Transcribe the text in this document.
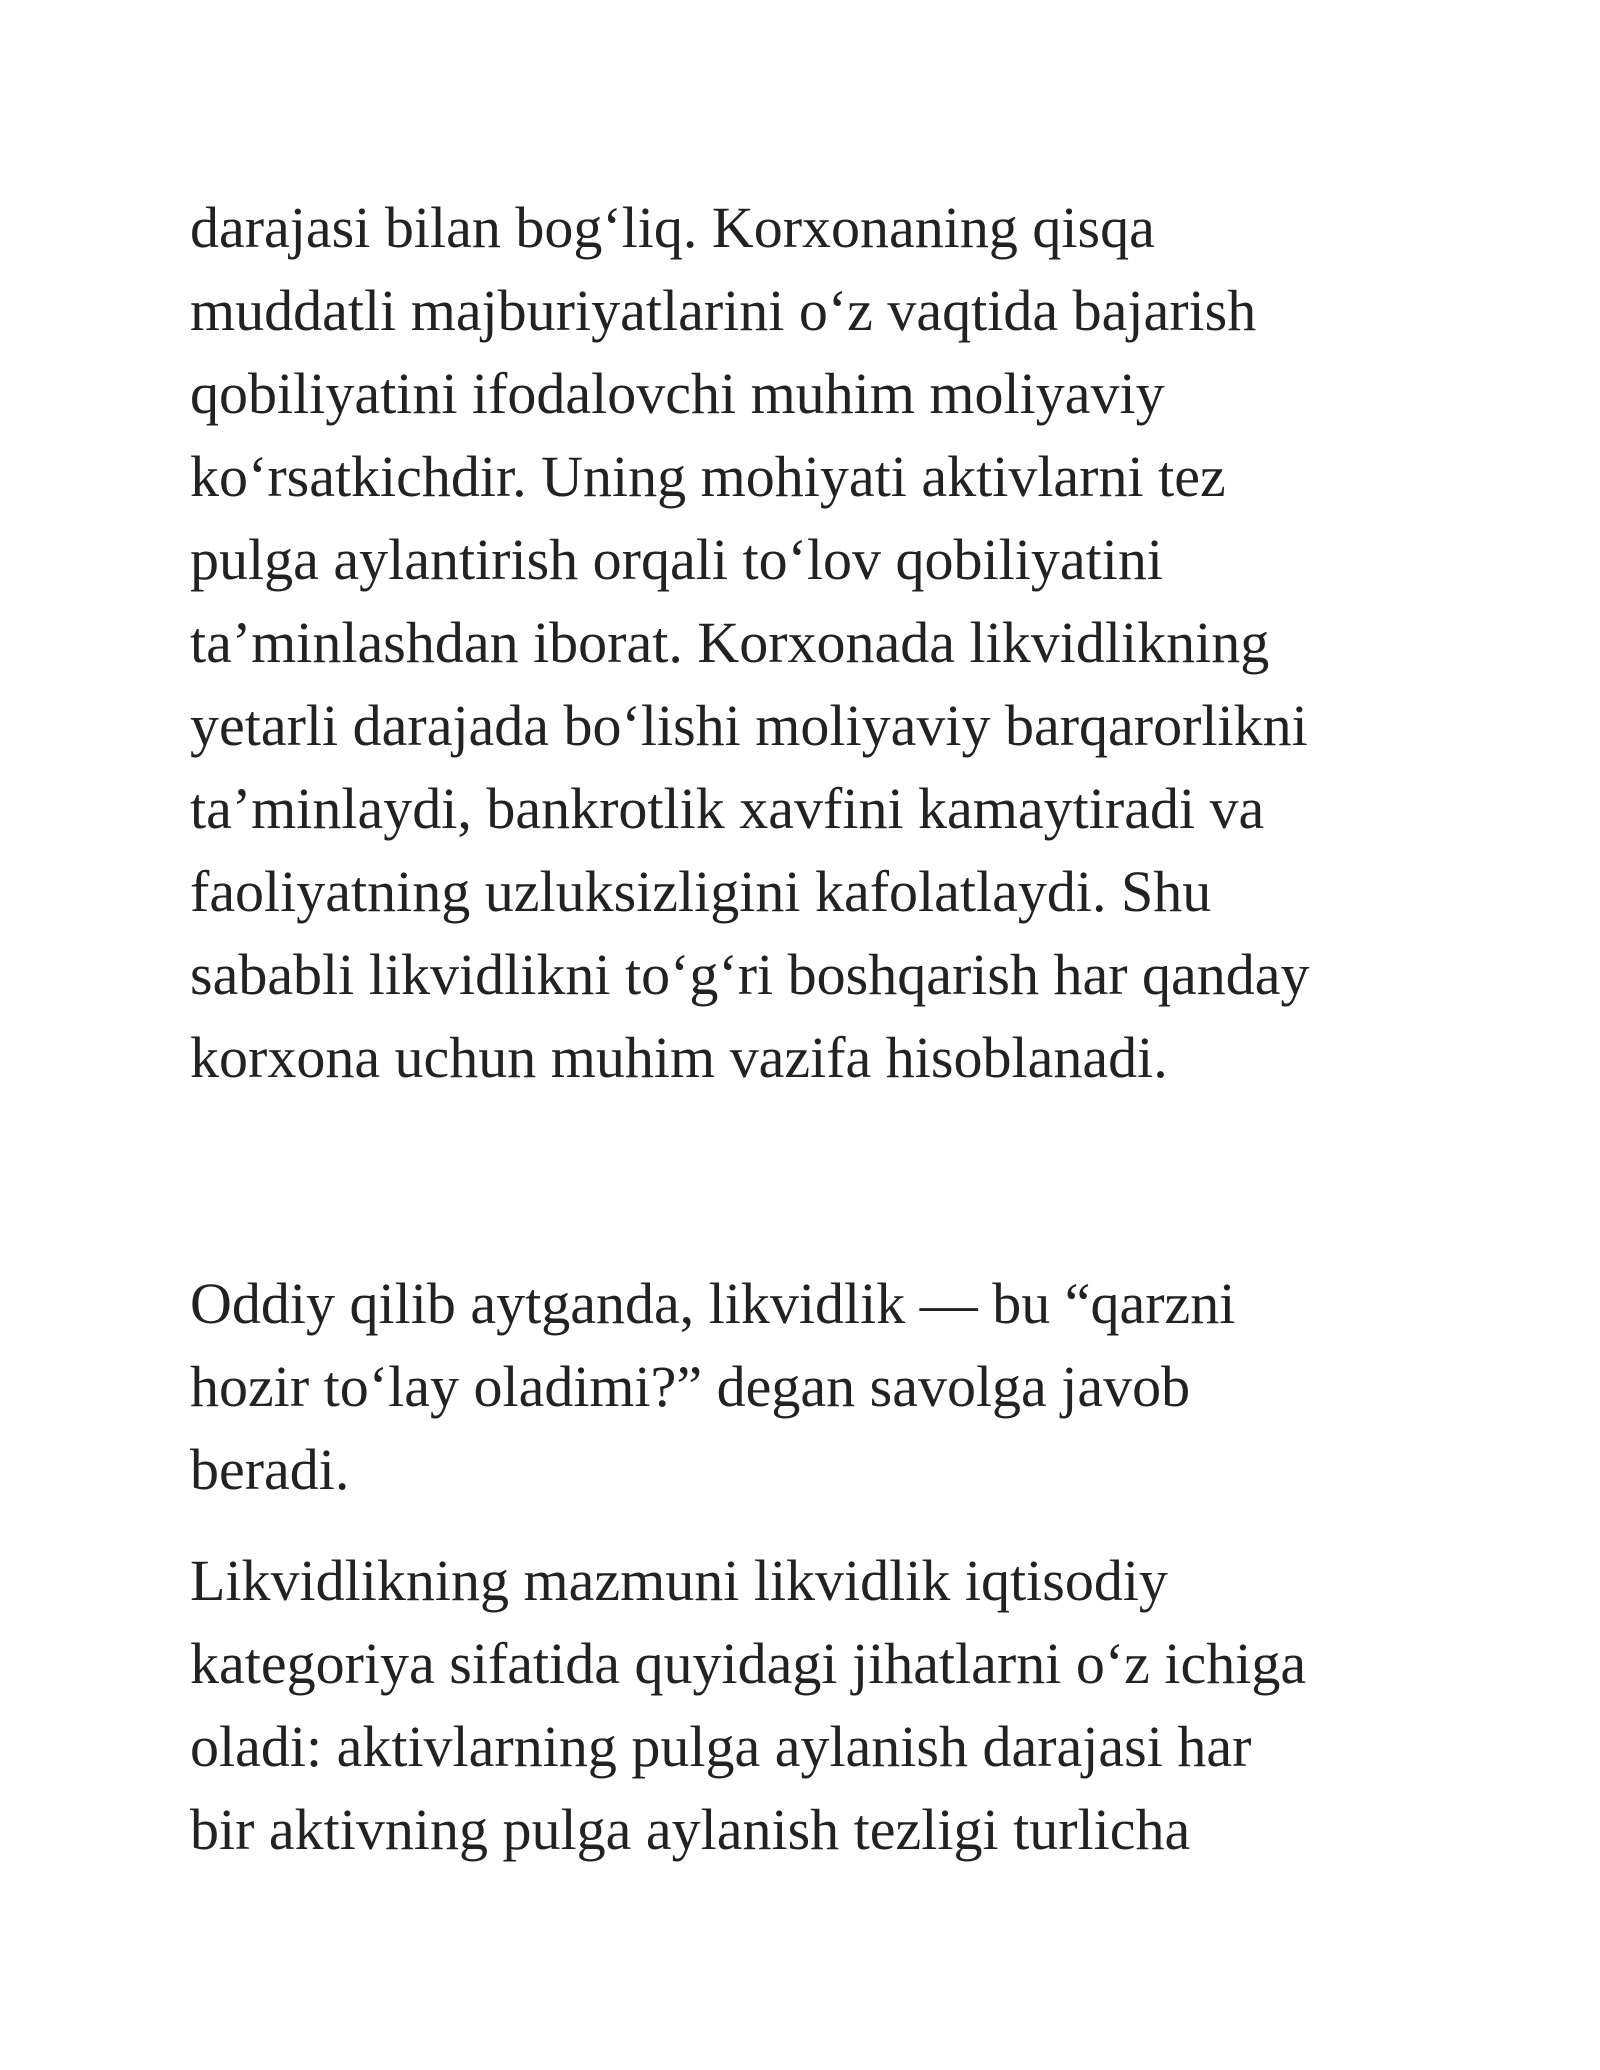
darajasi bilan bog‘liq. Korxonaning qisqa
muddatli majburiyatlarini o‘z vaqtida bajarish
qobiliyatini ifodalovchi muhim moliyaviy
ko‘rsatkichdir. Uning mohiyati aktivlarni tez
pulga aylantirish orqali to‘lov qobiliyatini
ta’minlashdan iborat. Korxonada likvidlikning
yetarli darajada bo‘lishi moliyaviy barqarorlikni
ta’minlaydi, bankrotlik xavfini kamaytiradi va
faoliyatning uzluksizligini kafolatlaydi. Shu
sababli likvidlikni to‘g‘ri boshqarish har qanday
korxona uchun muhim vazifa hisoblanadi.

Oddiy qilib aytganda, likvidlik — bu “qarzni
hozir to‘lay oladimi?” degan savolga javob
beradi.

Likvidlikning mazmuni likvidlik iqtisodiy
kategoriya sifatida quyidagi jihatlarni o‘z ichiga
oladi: aktivlarning pulga aylanish darajasi har
bir aktivning pulga aylanish tezligi turlicha
